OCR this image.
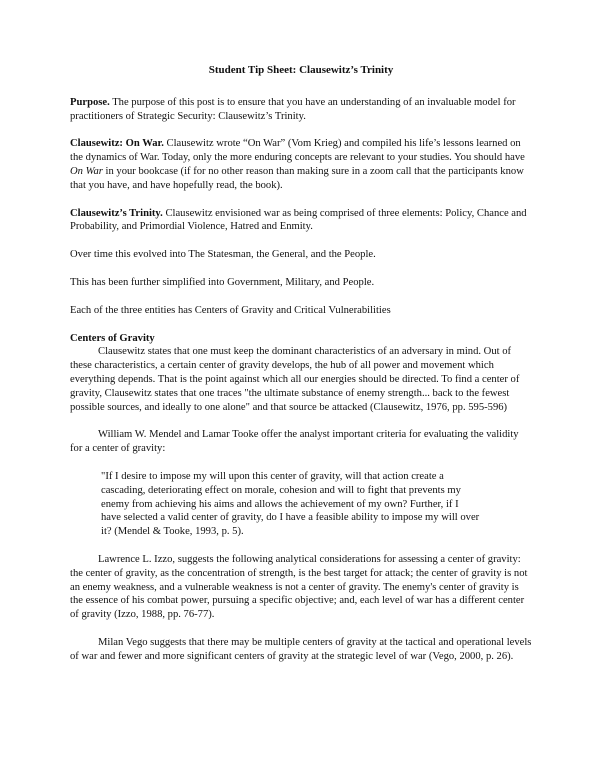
Student Tip Sheet: Clausewitz’s Trinity

Purpose. The purpose of this post is to ensure that you have an understanding of an invaluable model for practitioners of Strategic Security: Clausewitz’s Trinity.

Clausewitz: On War. Clausewitz wrote “On War” (Vom Krieg) and compiled his life’s lessons learned on the dynamics of War. Today, only the more enduring concepts are relevant to your studies. You should have On War in your bookcase (if for no other reason than making sure in a zoom call that the participants know that you have, and have hopefully read, the book).

Clausewitz’s Trinity. Clausewitz envisioned war as being comprised of three elements: Policy, Chance and Probability, and Primordial Violence, Hatred and Enmity.

Over time this evolved into The Statesman, the General, and the People.

This has been further simplified into Government, Military, and People.

Each of the three entities has Centers of Gravity and Critical Vulnerabilities

Centers of Gravity

Clausewitz states that one must keep the dominant characteristics of an adversary in mind. Out of these characteristics, a certain center of gravity develops, the hub of all power and movement which everything depends. That is the point against which all our energies should be directed. To find a center of gravity, Clausewitz states that one traces "the ultimate substance of enemy strength... back to the fewest possible sources, and ideally to one alone" and that source be attacked (Clausewitz, 1976, pp. 595-596)

William W. Mendel and Lamar Tooke offer the analyst important criteria for evaluating the validity for a center of gravity:

"If I desire to impose my will upon this center of gravity, will that action create a cascading, deteriorating effect on morale, cohesion and will to fight that prevents my enemy from achieving his aims and allows the achievement of my own? Further, if I have selected a valid center of gravity, do I have a feasible ability to impose my will over it? (Mendel & Tooke, 1993, p. 5).

Lawrence L. Izzo, suggests the following analytical considerations for assessing a center of gravity: the center of gravity, as the concentration of strength, is the best target for attack; the center of gravity is not an enemy weakness, and a vulnerable weakness is not a center of gravity. The enemy's center of gravity is the essence of his combat power, pursuing a specific objective; and, each level of war has a different center of gravity (Izzo, 1988, pp. 76-77).

Milan Vego suggests that there may be multiple centers of gravity at the tactical and operational levels of war and fewer and more significant centers of gravity at the strategic level of war (Vego, 2000, p. 26).
